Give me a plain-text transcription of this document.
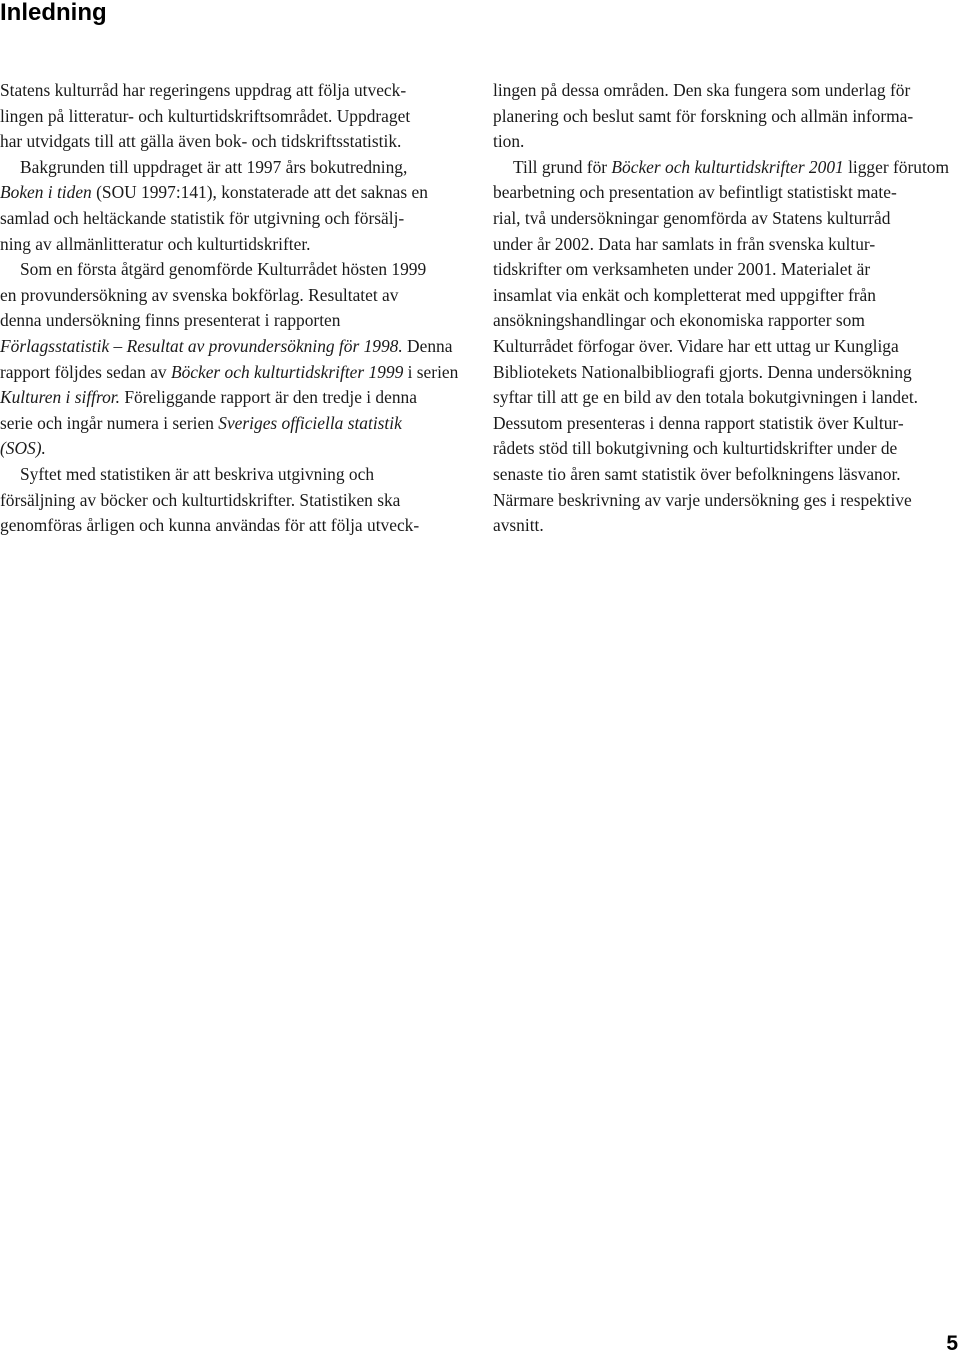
Inledning

Statens kulturråd har regeringens uppdrag att följa utveck-

lingen på litteratur- och kulturtidskriftsområdet. Uppdraget

har utvidgats till att gälla även bok- och tidskriftsstatistik.

Bakgrunden till uppdraget är att 1997 års bokutredning,

Boken i tiden (SOU 1997:141), konstaterade att det saknas en

samlad och heltäckande statistik för utgivning och försälj-

ning av allmänlitteratur och kulturtidskrifter.

Som en första åtgärd genomförde Kulturrådet hösten 1999

en provundersökning av svenska bokförlag. Resultatet av

denna undersökning finns presenterat i rapporten

Förlagsstatistik – Resultat av provundersökning för 1998. Denna

rapport följdes sedan av Böcker och kulturtidskrifter 1999 i serien

Kulturen i siffror. Föreliggande rapport är den tredje i denna

serie och ingår numera i serien Sveriges officiella statistik

(SOS).

Syftet med statistiken är att beskriva utgivning och

försäljning av böcker och kulturtidskrifter. Statistiken ska

genomföras årligen och kunna användas för att följa utveck-

lingen på dessa områden. Den ska fungera som underlag för

planering och beslut samt för forskning och allmän informa-

tion.

Till grund för Böcker och kulturtidskrifter 2001 ligger förutom

bearbetning och presentation av befintligt statistiskt mate-

rial, två undersökningar genomförda av Statens kulturråd

under år 2002. Data har samlats in från svenska kultur-

tidskrifter om verksamheten under 2001. Materialet är

insamlat via enkät och kompletterat med uppgifter från

ansökningshandlingar och ekonomiska rapporter som

Kulturrådet förfogar över. Vidare har ett uttag ur Kungliga

Bibliotekets Nationalbibliografi gjorts. Denna undersökning

syftar till att ge en bild av den totala bokutgivningen i landet.

Dessutom presenteras i denna rapport statistik över Kultur-

rådets stöd till bokutgivning och kulturtidskrifter under de

senaste tio åren samt statistik över befolkningens läsvanor.

Närmare beskrivning av varje undersökning ges i respektive

avsnitt.

5
